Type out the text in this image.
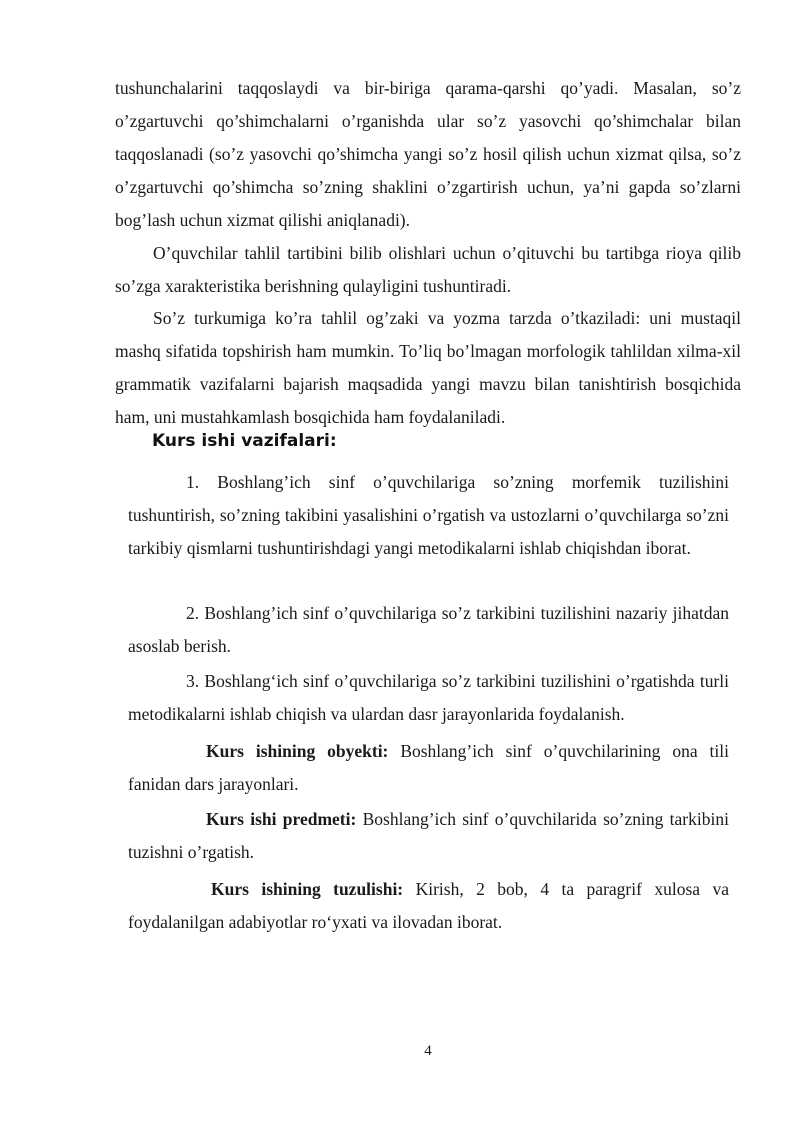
tushunchalarini taqqoslaydi va bir-biriga qarama-qarshi qo’yadi. Masalan, so’z o’zgartuvchi qo’shimchalarni o’rganishda ular so’z yasovchi qo’shimchalar bilan taqqoslanadi (so’z yasovchi qo’shimcha yangi so’z hosil qilish uchun xizmat qilsa, so’z o’zgartuvchi qo’shimcha so’zning shaklini o’zgartirish uchun, ya’ni gapda so’zlarni bog’lash uchun xizmat qilishi aniqlanadi).
O’quvchilar tahlil tartibini bilib olishlari uchun o’qituvchi bu tartibga rioya qilib so’zga xarakteristika berishning qulayligini tushuntiradi.
So’z turkumiga ko’ra tahlil og’zaki va yozma tarzda o’tkaziladi: uni mustaqil mashq sifatida topshirish ham mumkin. To’liq bo’lmagan morfologik tahlildan xilma-xil grammatik vazifalarni bajarish maqsadida yangi mavzu bilan tanishtirish bosqichida ham, uni mustahkamlash bosqichida ham foydalaniladi.
Kurs ishi vazifalari:
1. Boshlang’ich sinf o’quvchilariga so’zning morfemik tuzilishini tushuntirish, so’zning takibini yasalishini o’rgatish va ustozlarni o’quvchilarga so’zni tarkibiy qismlarni tushuntirishdagi yangi metodikalarni ishlab chiqishdan iborat.
2. Boshlang’ich sinf o’quvchilariga so’z tarkibini tuzilishini nazariy jihatdan asoslab berish.
3. Boshlang‘ich sinf o’quvchilariga so’z tarkibini tuzilishini o’rgatishda turli metodikalarni ishlab chiqish va ulardan dasr jarayonlarida foydalanish.
Kurs ishining obyekti: Boshlang’ich sinf o’quvchilarining ona tili fanidan dars jarayonlari.
Kurs ishi predmeti: Boshlang’ich sinf o’quvchilarida so’zning tarkibini tuzishni o’rgatish.
Kurs ishining tuzulishi: Kirish, 2 bob, 4 ta paragrif xulosa va foydalanilgan adabiyotlar ro‘yxati va ilovadan iborat.
4
